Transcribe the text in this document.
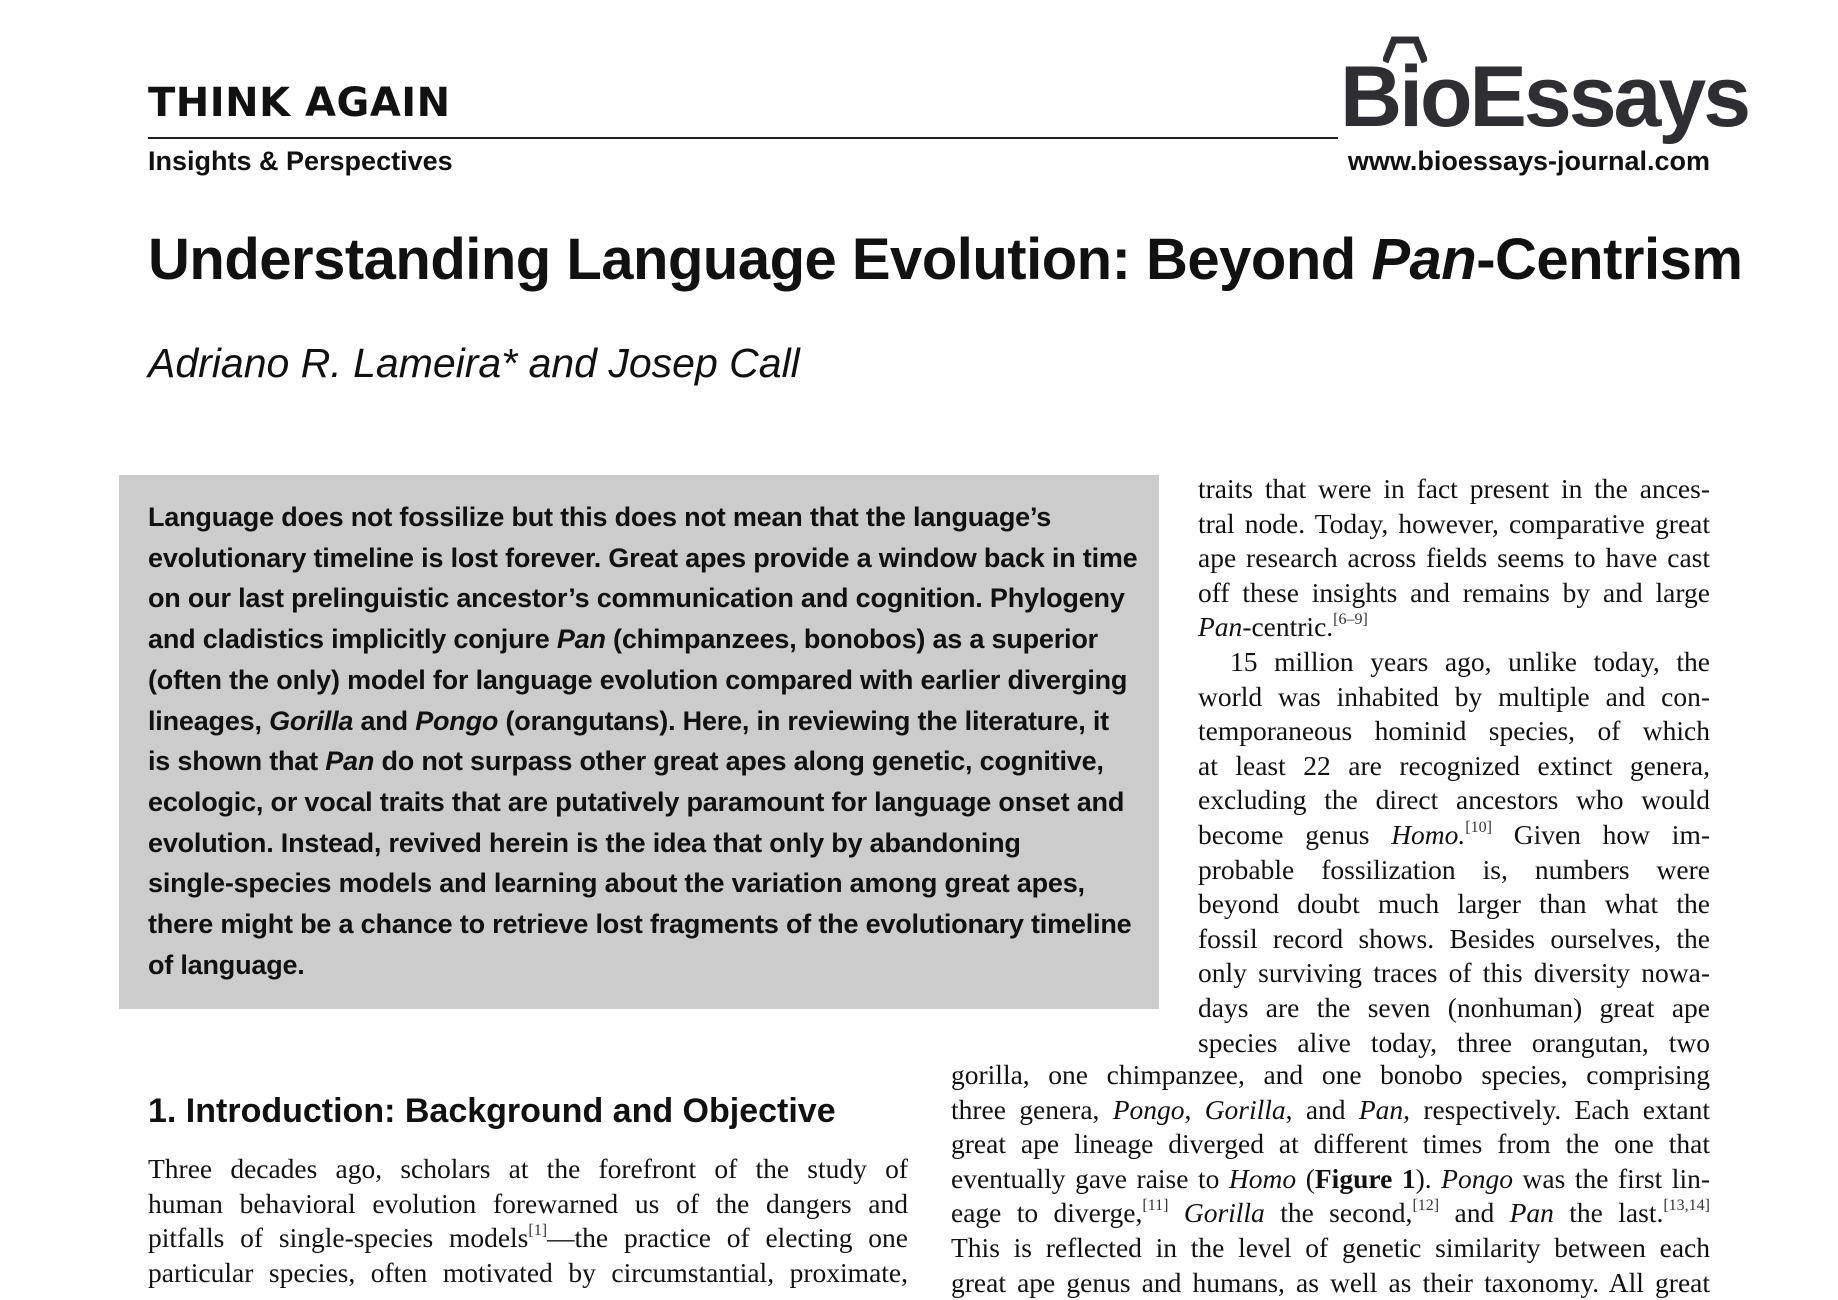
THINK AGAIN
Insights & Perspectives
BioEssays
www.bioessays-journal.com
Understanding Language Evolution: Beyond Pan-Centrism
Adriano R. Lameira* and Josep Call
Language does not fossilize but this does not mean that the language’s
evolutionary timeline is lost forever. Great apes provide a window back in time
on our last prelinguistic ancestor’s communication and cognition. Phylogeny
and cladistics implicitly conjure Pan (chimpanzees, bonobos) as a superior
(often the only) model for language evolution compared with earlier diverging
lineages, Gorilla and Pongo (orangutans). Here, in reviewing the literature, it
is shown that Pan do not surpass other great apes along genetic, cognitive,
ecologic, or vocal traits that are putatively paramount for language onset and
evolution. Instead, revived herein is the idea that only by abandoning
single-species models and learning about the variation among great apes,
there might be a chance to retrieve lost fragments of the evolutionary timeline
of language.
traits that were in fact present in the ances-
tral node. Today, however, comparative great
ape research across fields seems to have cast
off these insights and remains by and large
Pan-centric.[6–9]
15 million years ago, unlike today, the
world was inhabited by multiple and con-
temporaneous hominid species, of which
at least 22 are recognized extinct genera,
excluding the direct ancestors who would
become genus Homo.[10] Given how im-
probable fossilization is, numbers were
beyond doubt much larger than what the
fossil record shows. Besides ourselves, the
only surviving traces of this diversity nowa-
days are the seven (nonhuman) great ape
species alive today, three orangutan, two
gorilla, one chimpanzee, and one bonobo species, comprising
three genera, Pongo, Gorilla, and Pan, respectively. Each extant
great ape lineage diverged at different times from the one that
eventually gave raise to Homo (Figure 1). Pongo was the first lin-
eage to diverge,[11] Gorilla the second,[12] and Pan the last.[13,14]
This is reflected in the level of genetic similarity between each
great ape genus and humans, as well as their taxonomy. All great
1. Introduction: Background and Objective
Three decades ago, scholars at the forefront of the study of
human behavioral evolution forewarned us of the dangers and
pitfalls of single-species models[1]—the practice of electing one
particular species, often motivated by circumstantial, proximate,
